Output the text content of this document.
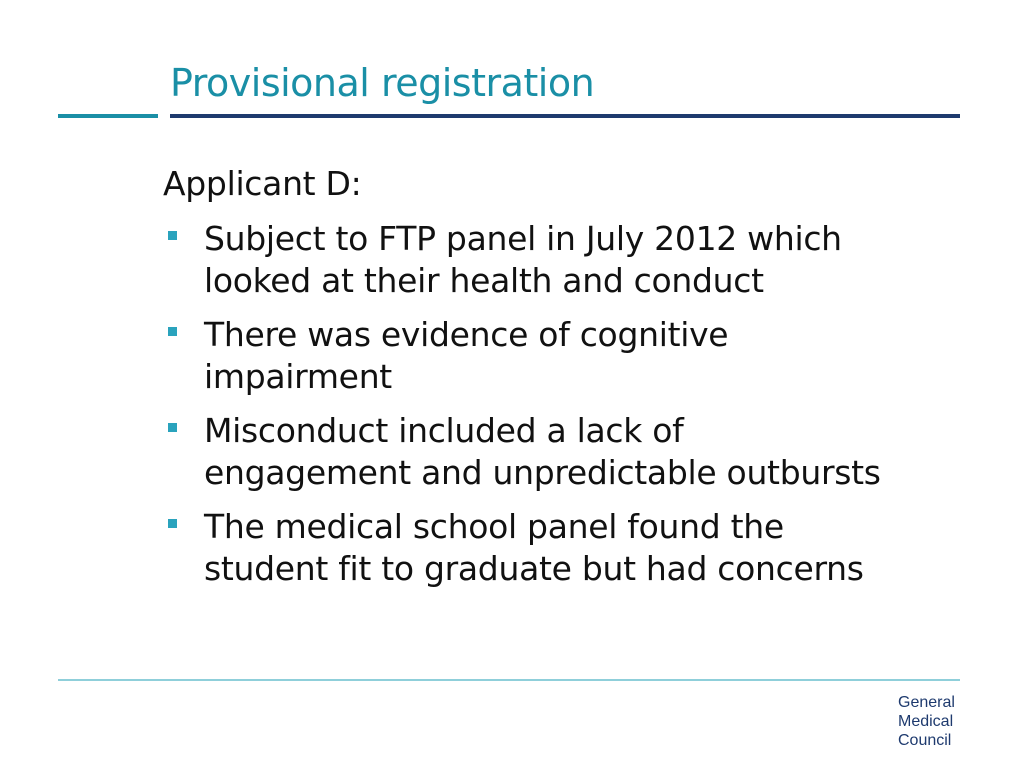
Provisional registration
Applicant D:
Subject to FTP panel in July 2012 which
looked at their health and conduct
There was evidence of cognitive
impairment
Misconduct included a lack of
engagement and unpredictable outbursts
The medical school panel found the
student fit to graduate but had concerns
General
Medical
Council
